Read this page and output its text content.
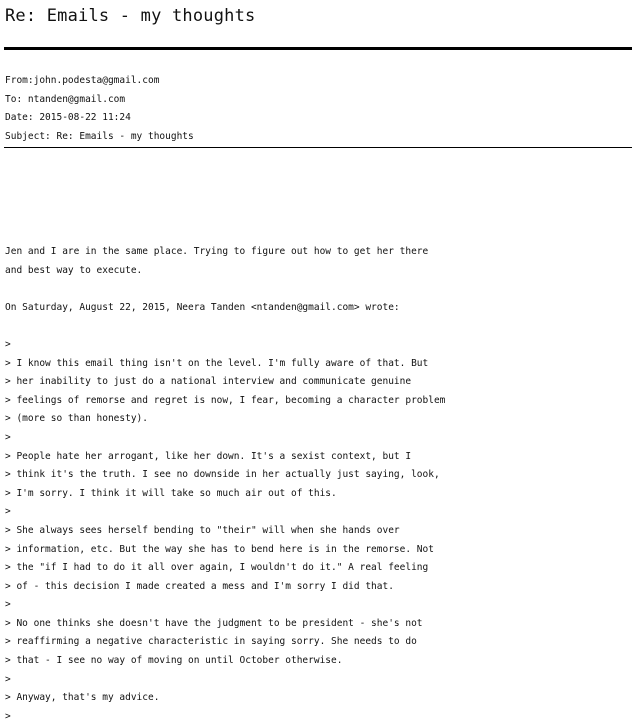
Re: Emails - my thoughts
From:john.podesta@gmail.com
To: ntanden@gmail.com
Date: 2015-08-22 11:24
Subject: Re: Emails - my thoughts
Jen and I are in the same place. Trying to figure out how to get her there
and best way to execute.
On Saturday, August 22, 2015, Neera Tanden <ntanden@gmail.com> wrote:
>
> I know this email thing isn't on the level. I'm fully aware of that. But
> her inability to just do a national interview and communicate genuine
> feelings of remorse and regret is now, I fear, becoming a character problem
> (more so than honesty).
>
> People hate her arrogant, like her down. It's a sexist context, but I
> think it's the truth. I see no downside in her actually just saying, look,
> I'm sorry. I think it will take so much air out of this.
>
> She always sees herself bending to "their" will when she hands over
> information, etc. But the way she has to bend here is in the remorse. Not
> the "if I had to do it all over again, I wouldn't do it." A real feeling
> of - this decision I made created a mess and I'm sorry I did that.
>
> No one thinks she doesn't have the judgment to be president - she's not
> reaffirming a negative characteristic in saying sorry. She needs to do
> that - I see no way of moving on until October otherwise.
>
> Anyway, that's my advice.
>
